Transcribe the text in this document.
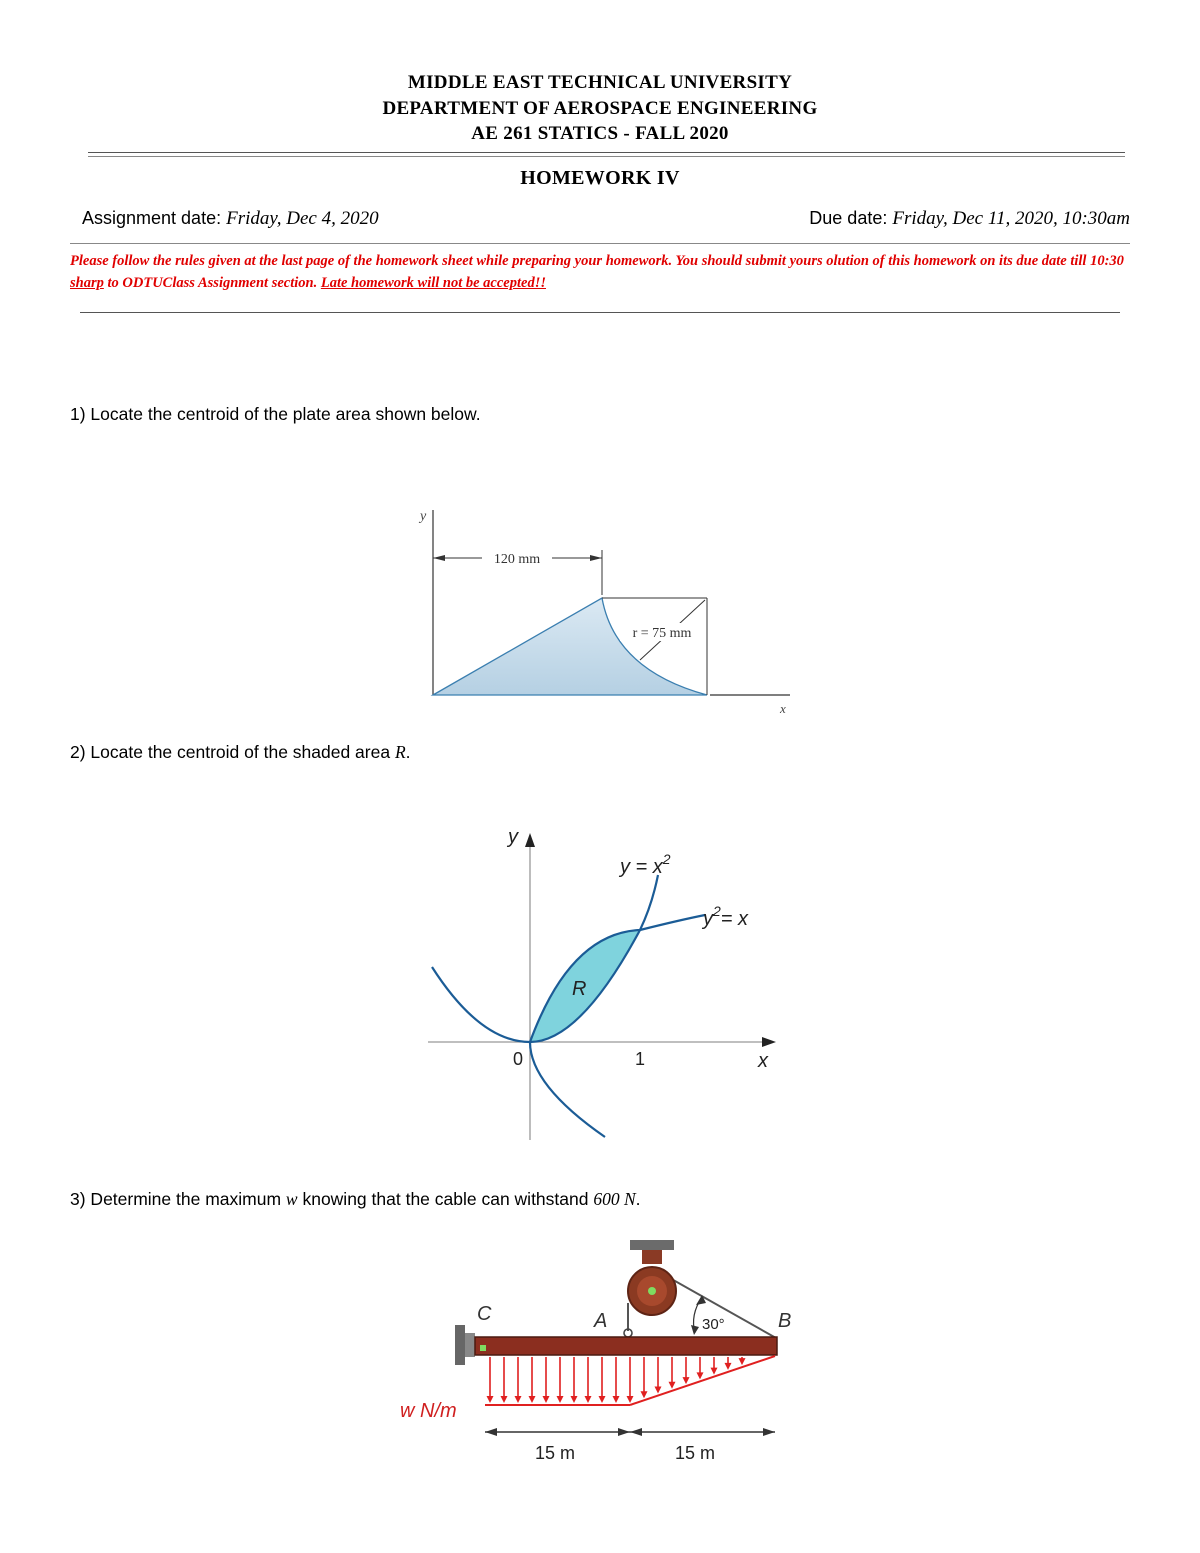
MIDDLE EAST TECHNICAL UNIVERSITY
DEPARTMENT OF AEROSPACE ENGINEERING
AE 261 STATICS - FALL 2020
HOMEWORK IV
Assignment date: Friday, Dec 4, 2020	Due date: Friday, Dec 11, 2020, 10:30am
Please follow the rules given at the last page of the homework sheet while preparing your homework. You should submit yours olution of this homework on its due date till 10:30 sharp to ODTUClass Assignment section. Late homework will not be accepted!!
1) Locate the centroid of the plate area shown below.
y
x
120 mm
r = 75 mm
2) Locate the centroid of the shaded area R.
y
x
0	1
$y = x^2$
$y^2= x$
R
3) Determine the maximum w knowing that the cable can withstand 600 N.
30°
C	A	B
w N/m
15 m	15 m
